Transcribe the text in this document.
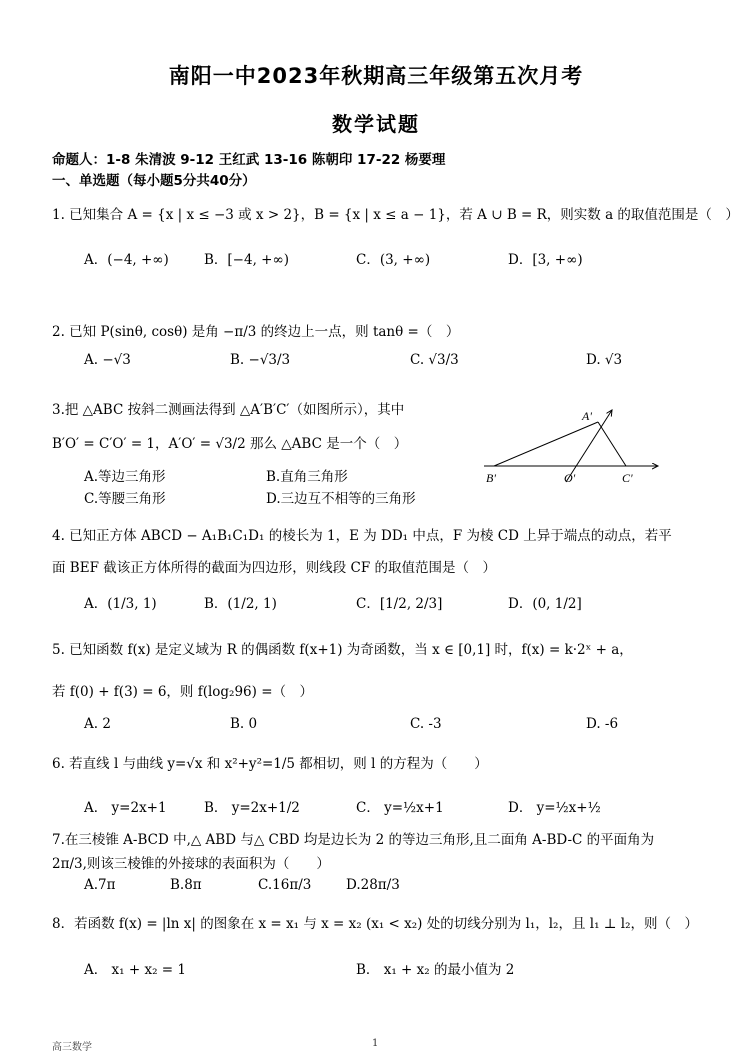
南阳一中2023年秋期高三年级第五次月考
数学试题
命题人：1-8 朱清波 9-12 王红武 13-16 陈朝印 17-22 杨要理
一、单选题（每小题5分共40分）
1. 已知集合 A = {x | x ≤ −3 或 x > 2}，B = {x | x ≤ a − 1}，若 A ∪ B = R，则实数 a 的取值范围是（　）
A．(−4, +∞)	B．[−4, +∞)	C．(3, +∞)	D．[3, +∞)
2. 已知 P(sinθ, cosθ) 是角 −π/3 的终边上一点，则 tanθ =（　）
A. −√3	B. −√3/3	C. √3/3	D. √3
3.把 △ABC 按斜二测画法得到 △A′B′C′（如图所示），其中
B′O′ = C′O′ = 1，A′O′ = √3/2 那么 △ABC 是一个（　）
A.等边三角形	B.直角三角形
C.等腰三角形	D.三边互不相等的三角形
A'
B'	O'	C'
4. 已知正方体 ABCD − A₁B₁C₁D₁ 的棱长为 1，E 为 DD₁ 中点，F 为棱 CD 上异于端点的动点，若平
面 BEF 截该正方体所得的截面为四边形，则线段 CF 的取值范围是（　）
A．(1/3, 1)	B．(1/2, 1)	C．[1/2, 2/3]	D．(0, 1/2]
5. 已知函数 f(x) 是定义域为 R 的偶函数 f(x+1) 为奇函数，当 x ∈ [0,1] 时，f(x) = k·2ˣ + a，
若 f(0) + f(3) = 6，则 f(log₂96) =（　）
A. 2	B. 0	C. -3	D. -6
6. 若直线 l 与曲线 y=√x 和 x²+y²=1/5 都相切，则 l 的方程为（　　）
A． y=2x+1	B． y=2x+1/2	C． y=½x+1	D． y=½x+½
7.在三棱锥 A-BCD 中,△ ABD 与△ CBD 均是边长为 2 的等边三角形,且二面角 A-BD-C 的平面角为
2π/3,则该三棱锥的外接球的表面积为（　　）
A.7π	B.8π	C.16π/3	D.28π/3
8．若函数 f(x) = |ln x| 的图象在 x = x₁ 与 x = x₂ (x₁ < x₂) 处的切线分别为 l₁，l₂，且 l₁ ⊥ l₂，则（　）
A． x₁ + x₂ = 1	B． x₁ + x₂ 的最小值为 2
高三数学	1
